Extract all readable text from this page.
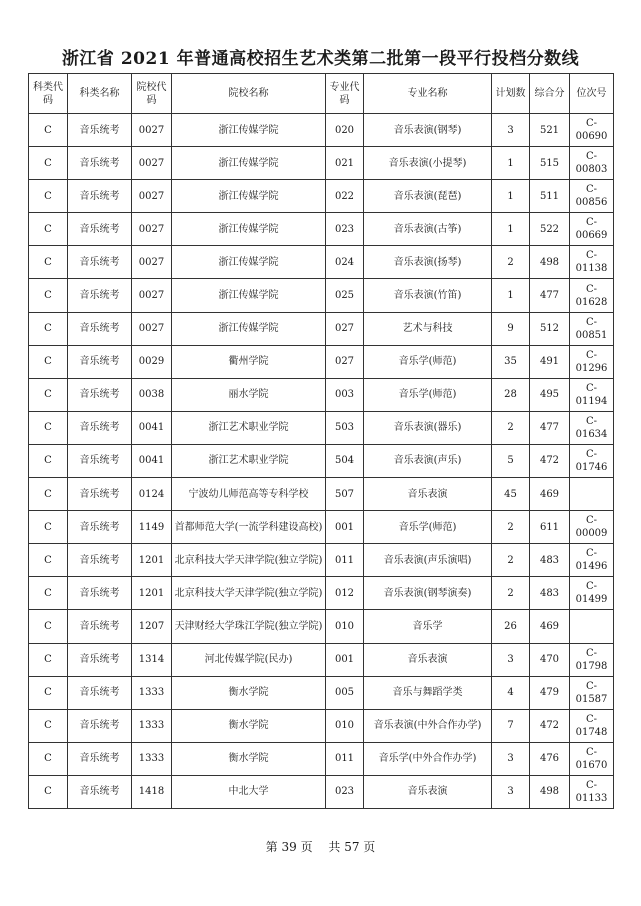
浙江省 2021 年普通高校招生艺术类第二批第一段平行投档分数线
科类代码	科类名称	院校代码	院校名称	专业代码	专业名称	计划数	综合分	位次号
C	音乐统考	0027	浙江传媒学院	020	音乐表演(钢琴)	3	521	C-00690
C	音乐统考	0027	浙江传媒学院	021	音乐表演(小提琴)	1	515	C-00803
C	音乐统考	0027	浙江传媒学院	022	音乐表演(琵琶)	1	511	C-00856
C	音乐统考	0027	浙江传媒学院	023	音乐表演(古筝)	1	522	C-00669
C	音乐统考	0027	浙江传媒学院	024	音乐表演(扬琴)	2	498	C-01138
C	音乐统考	0027	浙江传媒学院	025	音乐表演(竹笛)	1	477	C-01628
C	音乐统考	0027	浙江传媒学院	027	艺术与科技	9	512	C-00851
C	音乐统考	0029	衢州学院	027	音乐学(师范)	35	491	C-01296
C	音乐统考	0038	丽水学院	003	音乐学(师范)	28	495	C-01194
C	音乐统考	0041	浙江艺术职业学院	503	音乐表演(器乐)	2	477	C-01634
C	音乐统考	0041	浙江艺术职业学院	504	音乐表演(声乐)	5	472	C-01746
C	音乐统考	0124	宁波幼儿师范高等专科学校	507	音乐表演	45	469	
C	音乐统考	1149	首都师范大学(一流学科建设高校)	001	音乐学(师范)	2	611	C-00009
C	音乐统考	1201	北京科技大学天津学院(独立学院)	011	音乐表演(声乐演唱)	2	483	C-01496
C	音乐统考	1201	北京科技大学天津学院(独立学院)	012	音乐表演(钢琴演奏)	2	483	C-01499
C	音乐统考	1207	天津财经大学珠江学院(独立学院)	010	音乐学	26	469	
C	音乐统考	1314	河北传媒学院(民办)	001	音乐表演	3	470	C-01798
C	音乐统考	1333	衡水学院	005	音乐与舞蹈学类	4	479	C-01587
C	音乐统考	1333	衡水学院	010	音乐表演(中外合作办学)	7	472	C-01748
C	音乐统考	1333	衡水学院	011	音乐学(中外合作办学)	3	476	C-01670
C	音乐统考	1418	中北大学	023	音乐表演	3	498	C-01133
第 39 页 共 57 页
